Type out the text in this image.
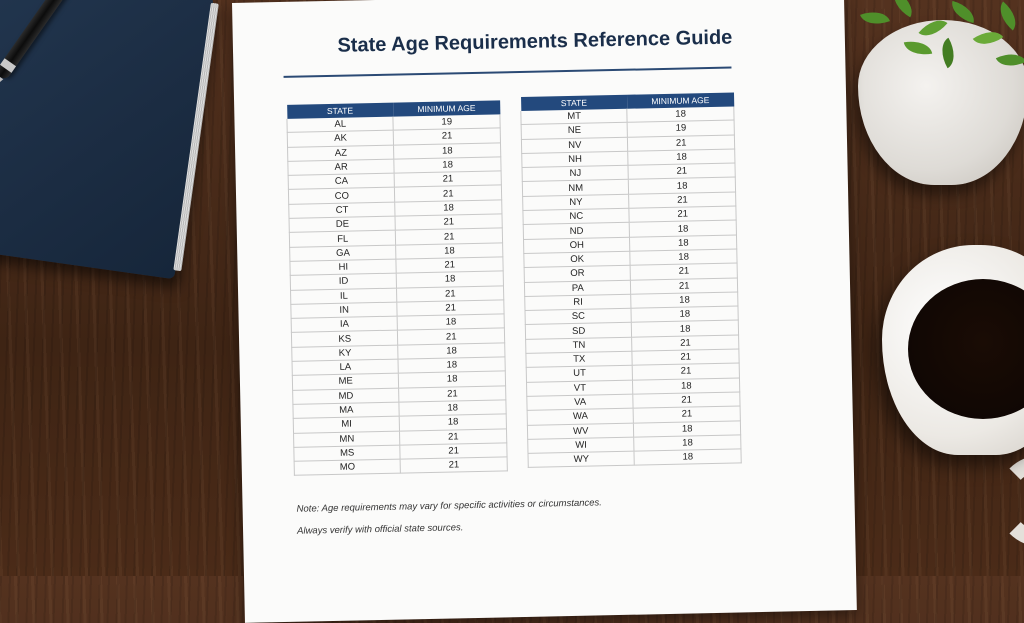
State Age Requirements Reference Guide
STATE	MINIMUM AGE
AL	19
AK	21
AZ	18
AR	18
CA	21
CO	21
CT	18
DE	21
FL	21
GA	18
HI	21
ID	18
IL	21
IN	21
IA	18
KS	21
KY	18
LA	18
ME	18
MD	21
MA	18
MI	18
MN	21
MS	21
MO	21
STATE	MINIMUM AGE
MT	18
NE	19
NV	21
NH	18
NJ	21
NM	18
NY	21
NC	21
ND	18
OH	18
OK	18
OR	21
PA	21
RI	18
SC	18
SD	18
TN	21
TX	21
UT	21
VT	18
VA	21
WA	21
WV	18
WI	18
WY	18
Note: Age requirements may vary for specific activities or circumstances.
Always verify with official state sources.
